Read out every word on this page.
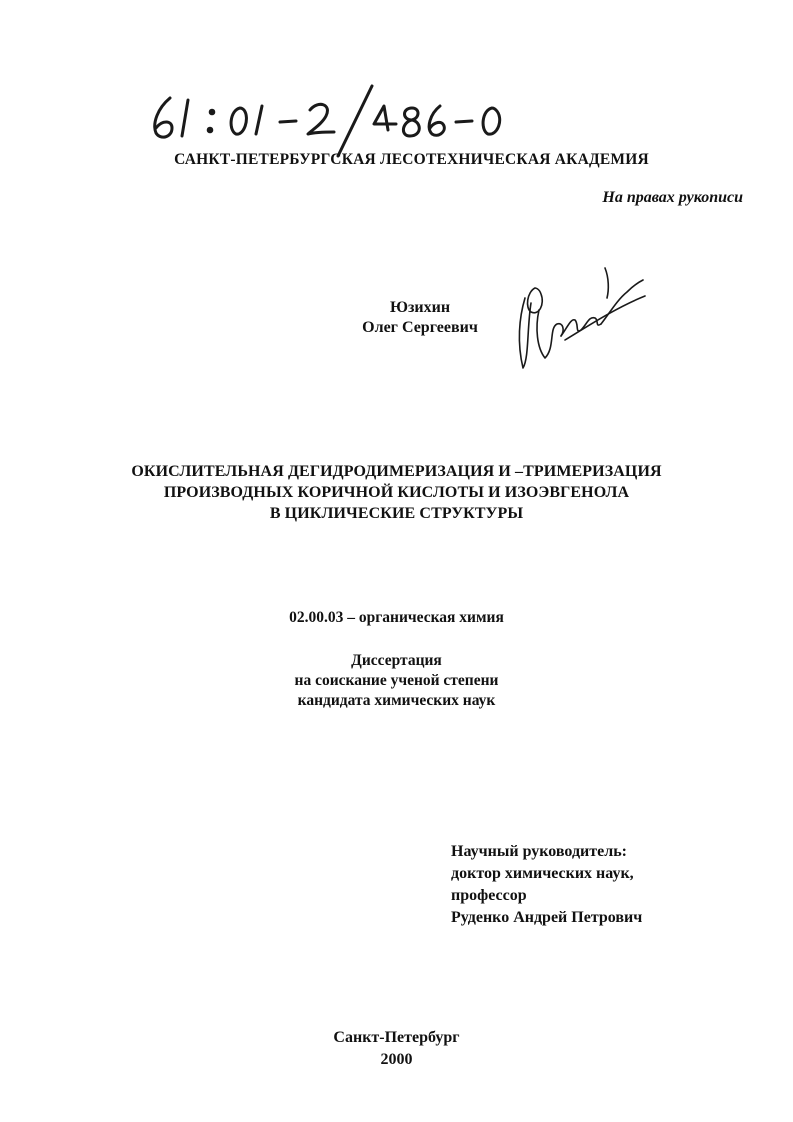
САНКТ-ПЕТЕРБУРГСКАЯ ЛЕСОТЕХНИЧЕСКАЯ АКАДЕМИЯ
На правах рукописи
Юзихин
Олег Сергеевич
ОКИСЛИТЕЛЬНАЯ ДЕГИДРОДИМЕРИЗАЦИЯ И –ТРИМЕРИЗАЦИЯ
ПРОИЗВОДНЫХ КОРИЧНОЙ КИСЛОТЫ И ИЗОЭВГЕНОЛА
В ЦИКЛИЧЕСКИЕ СТРУКТУРЫ
02.00.03 – органическая химия
Диссертация
на соискание ученой степени
кандидата химических наук
Научный руководитель:
доктор химических наук,
профессор
Руденко Андрей Петрович
Санкт-Петербург
2000
